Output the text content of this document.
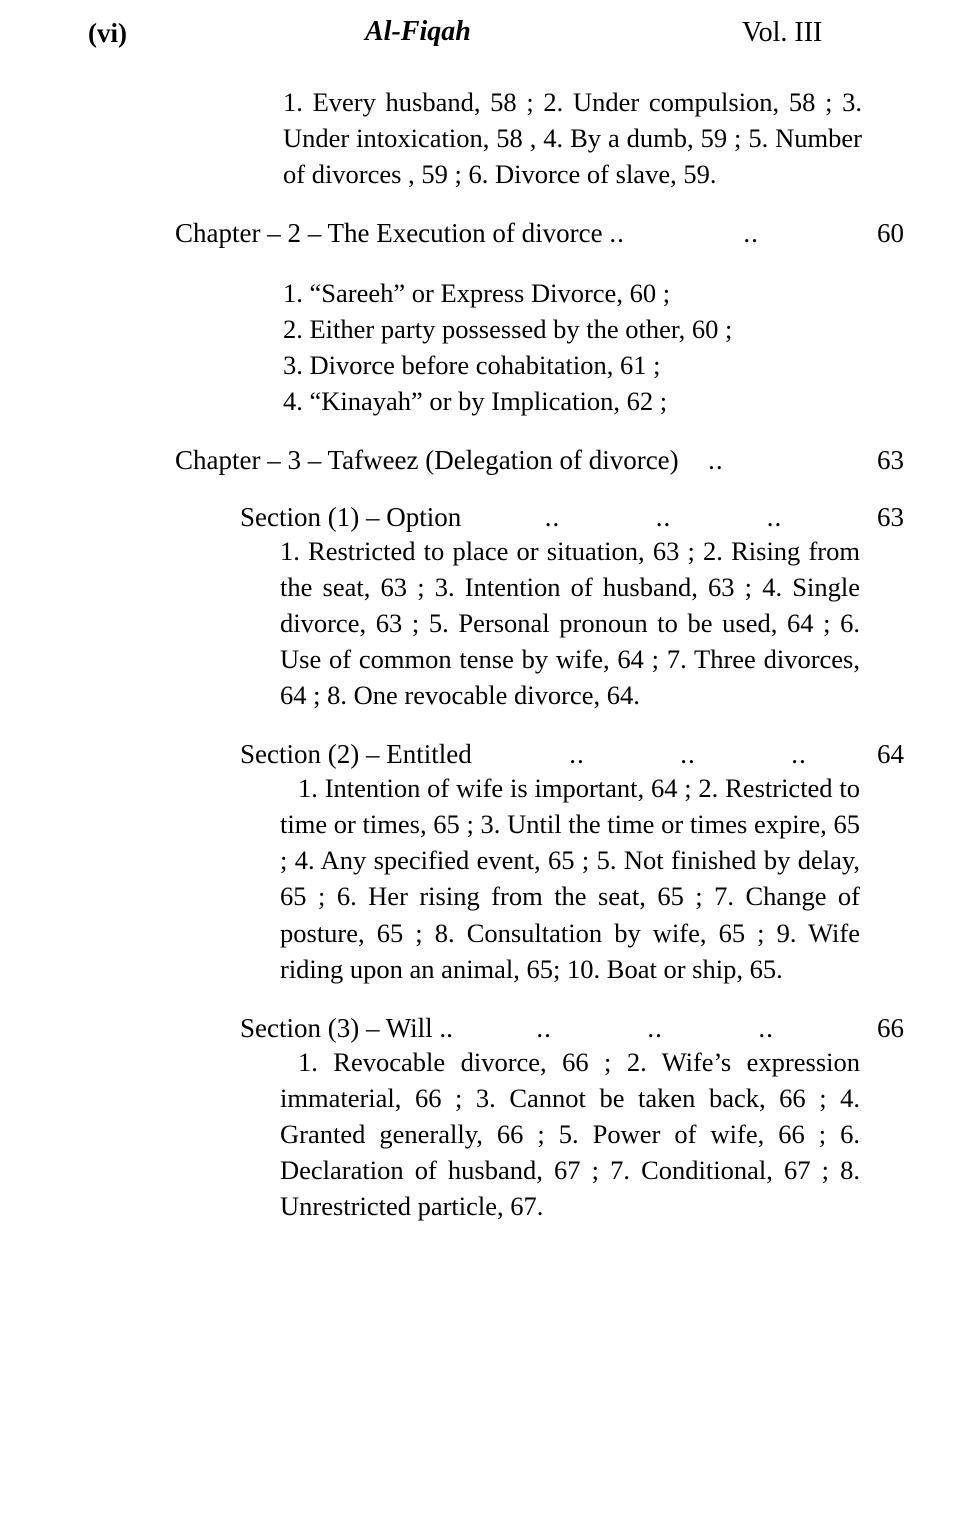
(vi)	Al-Fiqah	Vol. III

1. Every husband, 58 ; 2. Under compulsion, 58 ; 3. Under intoxication, 58 , 4. By a dumb, 59 ; 5. Number of divorces , 59 ; 6. Divorce of slave, 59.

Chapter – 2 – The Execution of divorce ..	..	60

1. “Sareeh” or Express Divorce, 60 ;

2. Either party possessed by the other, 60 ;

3. Divorce before cohabitation, 61 ;

4. “Kinayah” or by Implication, 62 ;

Chapter – 3 – Tafweez (Delegation of divorce) ..	63
Section (1) – Option	..	..	..	63

1. Restricted to place or situation, 63 ; 2. Rising from the seat, 63 ; 3. Intention of husband, 63 ; 4. Single divorce, 63 ; 5. Personal pronoun to be used, 64 ; 6. Use of common tense by wife, 64 ; 7. Three divorces, 64 ; 8. One revocable divorce, 64.

Section (2) – Entitled	..	..	..	64

1. Intention of wife is important, 64 ; 2. Restricted to time or times, 65 ; 3. Until the time or times expire, 65 ; 4. Any specified event, 65 ; 5. Not finished by delay, 65 ; 6. Her rising from the seat, 65 ; 7. Change of posture, 65 ; 8. Consultation by wife, 65 ; 9. Wife riding upon an animal, 65; 10. Boat or ship, 65.

Section (3) – Will ..	..	..	..	66

1. Revocable divorce, 66 ; 2. Wife’s expression immaterial, 66 ; 3. Cannot be taken back, 66 ; 4. Granted generally, 66 ; 5. Power of wife, 66 ; 6. Declaration of husband, 67 ; 7. Conditional, 67 ; 8. Unrestricted particle, 67.
